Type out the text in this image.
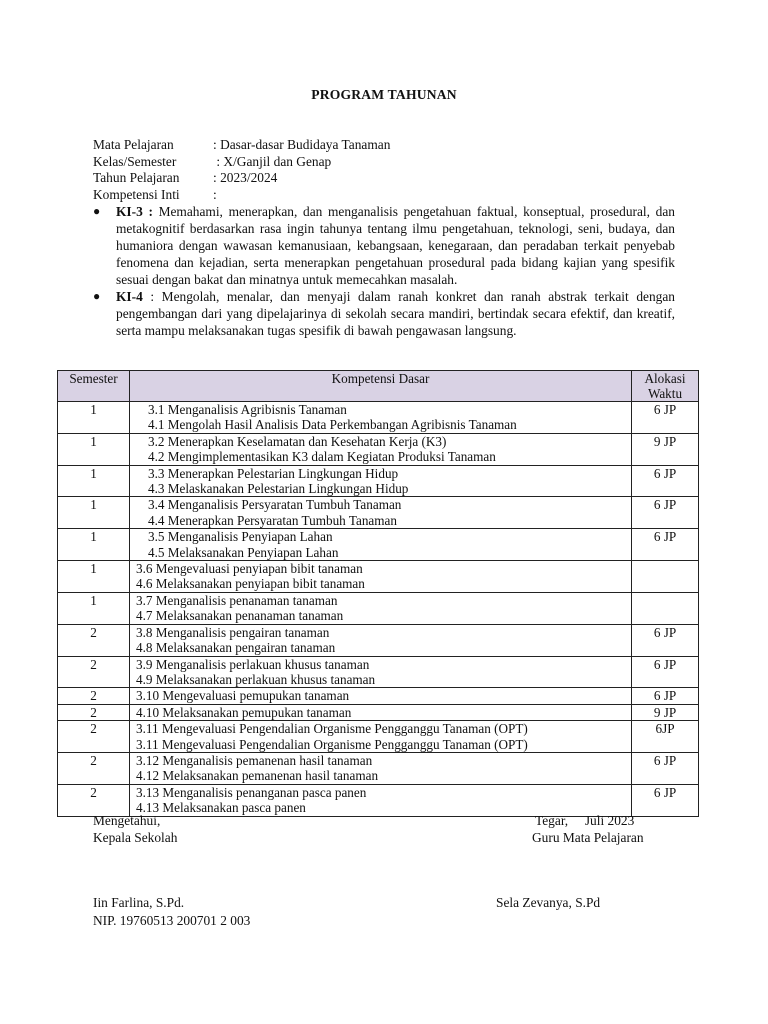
PROGRAM TAHUNAN
Mata Pelajaran	: Dasar-dasar Budidaya Tanaman
Kelas/Semester	: X/Ganjil dan Genap
Tahun Pelajaran	: 2023/2024
Kompetensi Inti	:
● KI-3 : Memahami, menerapkan, dan menganalisis pengetahuan faktual, konseptual, prosedural, dan metakognitif berdasarkan rasa ingin tahunya tentang ilmu pengetahuan, teknologi, seni, budaya, dan humaniora dengan wawasan kemanusiaan, kebangsaan, kenegaraan, dan peradaban terkait penyebab fenomena dan kejadian, serta menerapkan pengetahuan prosedural pada bidang kajian yang spesifik sesuai dengan bakat dan minatnya untuk memecahkan masalah.
● KI-4 : Mengolah, menalar, dan menyaji dalam ranah konkret dan ranah abstrak terkait dengan pengembangan dari yang dipelajarinya di sekolah secara mandiri, bertindak secara efektif, dan kreatif, serta mampu melaksanakan tugas spesifik di bawah pengawasan langsung.
Semester	Kompetensi Dasar	Alokasi
Waktu

1	3.1 Menganalisis Agribisnis Tanaman
4.1 Mengolah Hasil Analisis Data Perkembangan Agribisnis Tanaman	6 JP
1	3.2 Menerapkan Keselamatan dan Kesehatan Kerja (K3)
4.2 Mengimplementasikan K3 dalam Kegiatan Produksi Tanaman	9 JP
1	3.3 Menerapkan Pelestarian Lingkungan Hidup
4.3 Melaskanakan Pelestarian Lingkungan Hidup	6 JP
1	3.4 Menganalisis Persyaratan Tumbuh Tanaman
4.4 Menerapkan Persyaratan Tumbuh Tanaman	6 JP
1	3.5 Menganalisis Penyiapan Lahan
4.5 Melaksanakan Penyiapan Lahan	6 JP
1	3.6 Mengevaluasi penyiapan bibit tanaman
4.6 Melaksanakan penyiapan bibit tanaman	

1	3.7 Menganalisis penanaman tanaman
4.7 Melaksanakan penanaman tanaman	

2	3.8 Menganalisis pengairan tanaman
4.8 Melaksanakan pengairan tanaman	6 JP
2	3.9 Menganalisis perlakuan khusus tanaman
4.9 Melaksanakan perlakuan khusus tanaman	6 JP
2	3.10 Mengevaluasi pemupukan tanaman	6 JP
2	4.10 Melaksanakan pemupukan tanaman	9 JP
2	3.11 Mengevaluasi Pengendalian Organisme Pengganggu Tanaman (OPT)
3.11 Mengevaluasi Pengendalian Organisme Pengganggu Tanaman (OPT)	6JP
2	3.12 Menganalisis pemanenan hasil tanaman
4.12 Melaksanakan pemanenan hasil tanaman	6 JP
2	3.13 Menganalisis penanganan pasca panen
4.13 Melaksanakan pasca panen	6 JP
Mengetahui,
Kepala Sekolah
Iin Farlina, S.Pd.
NIP. 19760513 200701 2 003
Tegar,     Juli 2023
Guru Mata Pelajaran
Sela Zevanya, S.Pd
